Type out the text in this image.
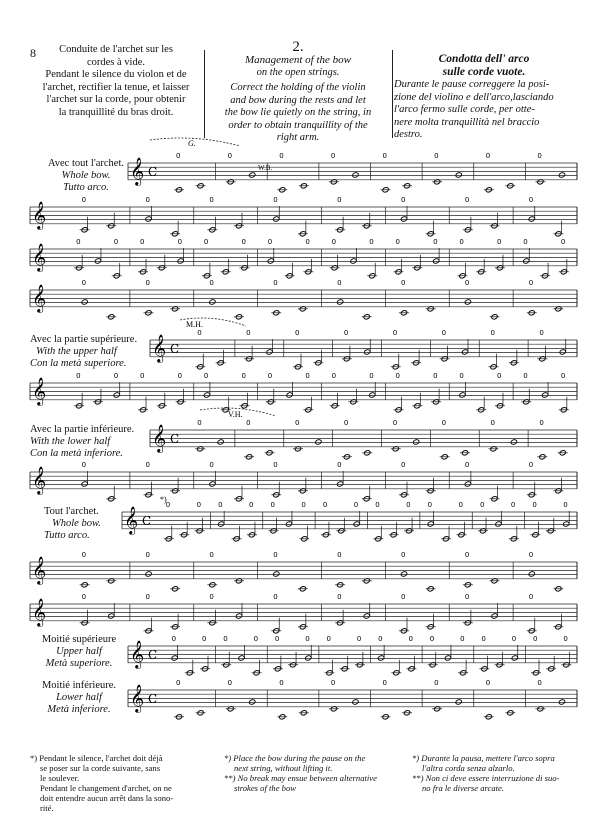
8	Conduite de l'archet sur les

cordes à vide.

Pendant le silence du violon et de

l'archet, rectifier la tenue, et laisser

l'archet sur la corde, pour obtenir

la tranquillité du bras droit.

2.

Management of the bow

on the open strings.

Correct the holding of the violin

and bow during the rests and let

the bow lie quietly on the string, in

order to obtain tranquillity of the

right arm.

Condotta dell' arco

sulle corde vuote.

Durante le pause correggere la posi-

zione del violino e dell'arco,lasciando

l'arco fermo sulle corde, per otte-

nere molta tranquillità nel braccio

destro.

Avec tout l'archet.
Whole bow.
Tutto arco.
Avec la partie supérieure.
With the upper half
Con la metà superiore.
Avec la partie inférieure.
With the lower half
Con la metà inferiore.
Tout l'archet.
Whole bow.
Tutto arco.
Moitié supérieure
Upper half
Metà superiore.
Moitié inférieure.
Lower half
Metà inferiore.
𝄞 C
0	0	0	0	0	0	0	0
𝄞
0	0	0	0	0	0	0	0
𝄞
0	0	0	0	0	0	0	0	0	0	0	0	0	0	0	0
𝄞
0	0	0	0	0	0	0	0
𝄞 C
0	0	0	0	0	0	0	0
𝄞
0	0	0	0	0	0	0	0	0	0	0	0	0	0	0	0
𝄞 C
0	0	0	0	0	0	0	0
𝄞
0	0	0	0	0	0	0	0
𝄞 C
0	0 0	0 0	0 0	0 0	0 0	0 0	0 0	0
𝄞
0	0	0	0	0	0	0	0
𝄞
0	0	0	0	0	0	0	0
𝄞 C
0	0 0	0 0	0 0	0 0	0 0	0 0	0 0	0
𝄞 C
0	0	0	0	0	0	0	0
G.
M.H.
V.H.
*)
W.B.

*) Pendant le silence, l'archet doit déjà

se poser sur la corde suivante, sans

le soulever.

Pendant le changement d'archet, on ne

doit entendre aucun arrêt dans la sono-

rité.

*) Place the bow during the pause on the

next string, without lifting it.

**) No break may ensue between alternative

strokes of the bow

*) Durante la pausa, mettere l'arco sopra

l'altra corda senza alzarlo.

**) Non ci deve essere interruzione di suo-

no fra le diverse arcate.
